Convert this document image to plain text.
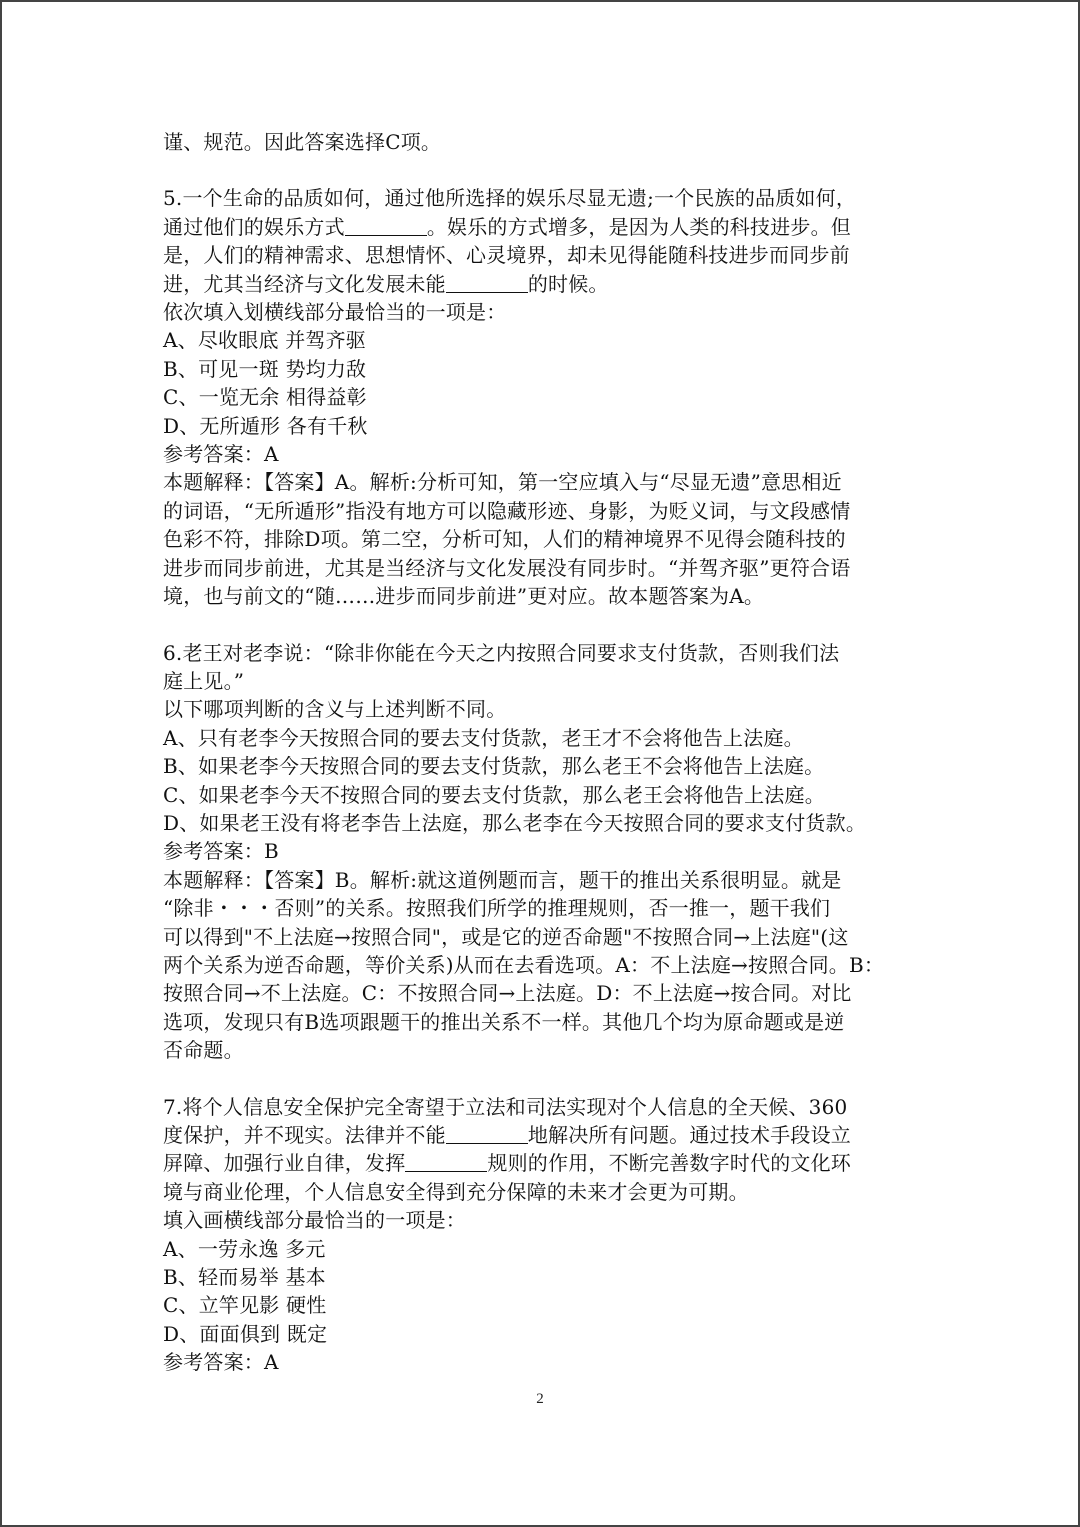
谨、规范。因此答案选择C项。
5.一个生命的品质如何，通过他所选择的娱乐尽显无遗;一个民族的品质如何，
通过他们的娱乐方式	。娱乐的方式增多，是因为人类的科技进步。但
是，人们的精神需求、思想情怀、心灵境界，却未见得能随科技进步而同步前
进，尤其当经济与文化发展未能	的时候。
依次填入划横线部分最恰当的一项是：
A、尽收眼底 并驾齐驱
B、可见一斑 势均力敌
C、一览无余 相得益彰
D、无所遁形 各有千秋
参考答案：A
本题解释：【答案】A。解析:分析可知，第一空应填入与“尽显无遗”意思相近
的词语，“无所遁形”指没有地方可以隐藏形迹、身影，为贬义词，与文段感情
色彩不符，排除D项。第二空，分析可知，人们的精神境界不见得会随科技的
进步而同步前进，尤其是当经济与文化发展没有同步时。“并驾齐驱”更符合语
境，也与前文的“随……进步而同步前进”更对应。故本题答案为A。
6.老王对老李说：“除非你能在今天之内按照合同要求支付货款，否则我们法
庭上见。”
以下哪项判断的含义与上述判断不同。
A、只有老李今天按照合同的要去支付货款，老王才不会将他告上法庭。
B、如果老李今天按照合同的要去支付货款，那么老王不会将他告上法庭。
C、如果老李今天不按照合同的要去支付货款，那么老王会将他告上法庭。
D、如果老王没有将老李告上法庭，那么老李在今天按照合同的要求支付货款。
参考答案：B
本题解释：【答案】B。解析:就这道例题而言，题干的推出关系很明显。就是
“除非・・・否则”的关系。按照我们所学的推理规则，否一推一，题干我们
可以得到"不上法庭→按照合同"，或是它的逆否命题"不按照合同→上法庭"(这
两个关系为逆否命题，等价关系)从而在去看选项。A：不上法庭→按照合同。B：
按照合同→不上法庭。C：不按照合同→上法庭。D：不上法庭→按合同。对比
选项，发现只有B选项跟题干的推出关系不一样。其他几个均为原命题或是逆
否命题。
7.将个人信息安全保护完全寄望于立法和司法实现对个人信息的全天候、360
度保护，并不现实。法律并不能	地解决所有问题。通过技术手段设立
屏障、加强行业自律，发挥	规则的作用，不断完善数字时代的文化环
境与商业伦理，个人信息安全得到充分保障的未来才会更为可期。
填入画横线部分最恰当的一项是：
A、一劳永逸 多元
B、轻而易举 基本
C、立竿见影 硬性
D、面面俱到 既定
参考答案：A
2
